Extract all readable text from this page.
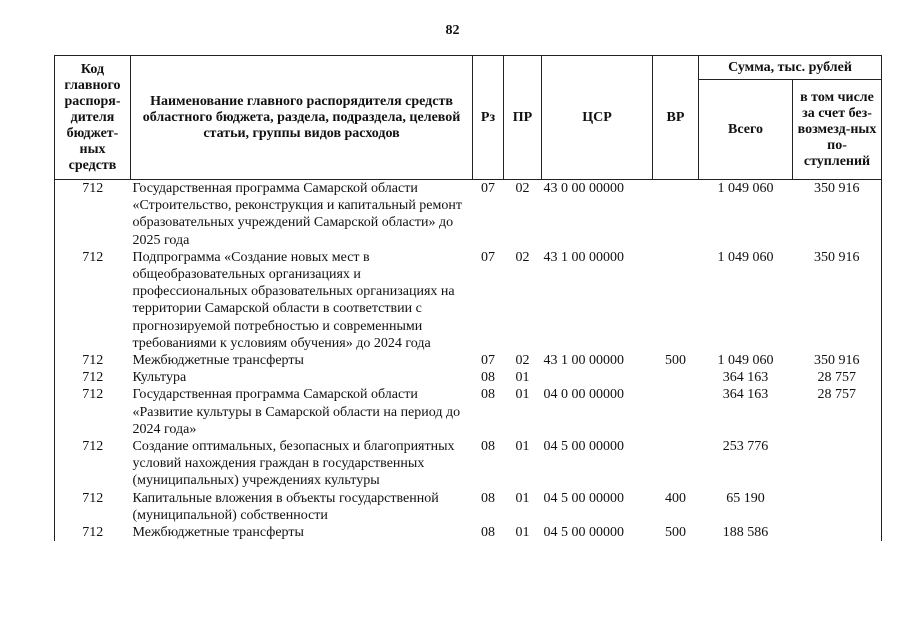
82
Код главного распоря-дителя бюджет-ных средств	Наименование главного распорядителя средств областного бюджета, раздела, подраздела, целевой статьи, группы видов расходов	Рз	ПР	ЦСР	ВР	Сумма, тыс. рублей	
						Всего	в том числе за счет без-возмезд-ных по-ступлений
712	Государственная программа Самарской области «Строительство, реконструкция и капитальный ремонт образовательных учреждений Самарской области» до 2025 года	07	02	43 0 00 00000		1 049 060	350 916
712	Подпрограмма «Создание новых мест в общеобразовательных организациях и профессиональных образовательных организациях на территории Самарской области в соответствии с прогнозируемой потребностью и современными требованиями к условиям обучения» до 2024 года	07	02	43 1 00 00000		1 049 060	350 916
712	Межбюджетные трансферты	07	02	43 1 00 00000	500	1 049 060	350 916
712	Культура	08	01			364 163	28 757
712	Государственная программа Самарской области «Развитие культуры в Самарской области на период до 2024 года»	08	01	04 0 00 00000		364 163	28 757
712	Создание оптимальных, безопасных и благоприятных условий нахождения граждан в государственных (муниципальных) учреждениях культуры	08	01	04 5 00 00000		253 776	
712	Капитальные вложения в объекты государственной (муниципальной) собственности	08	01	04 5 00 00000	400	65 190	
712	Межбюджетные трансферты	08	01	04 5 00 00000	500	188 586	
